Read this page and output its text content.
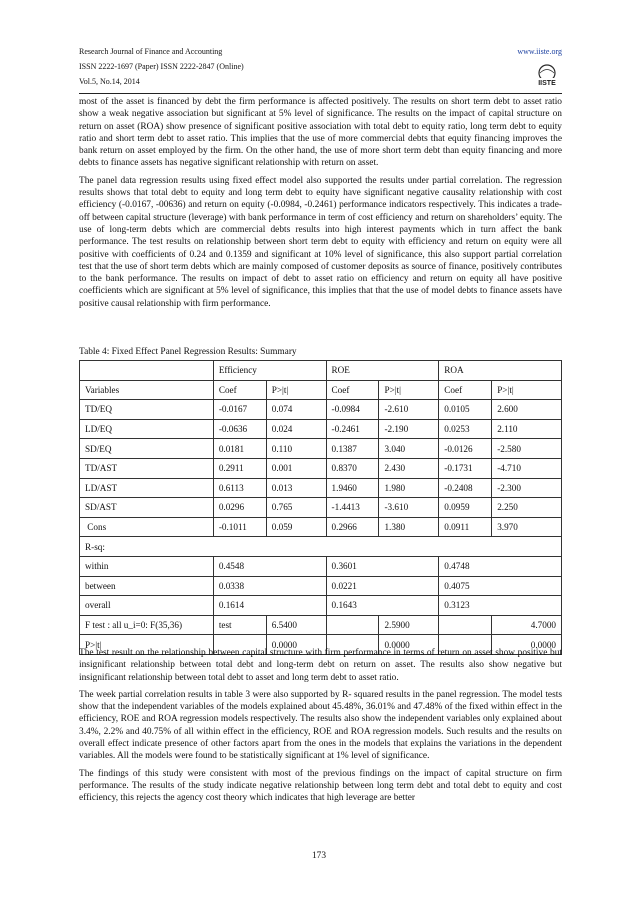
Research Journal of Finance and Accounting
ISSN 2222-1697 (Paper) ISSN 2222-2847 (Online)
Vol.5, No.14, 2014
www.iiste.org
IISTE

most of the asset is financed by debt the firm performance is affected positively. The results on short term debt to asset ratio show a weak negative association but significant at 5% level of significance. The results on the impact of capital structure on return on asset (ROA) show presence of significant positive association with total debt to equity ratio, long term debt to equity ratio and short term debt to asset ratio. This implies that the use of more commercial debts that equity financing improves the bank return on asset employed by the firm. On the other hand, the use of more short term debt than equity financing and more debts to finance assets has negative significant relationship with return on asset.

The panel data regression results using fixed effect model also supported the results under partial correlation. The regression results shows that total debt to equity and long term debt to equity have significant negative causality relationship with cost efficiency (-0.0167, -00636) and return on equity (-0.0984, -0.2461) performance indicators respectively. This indicates a trade-off between capital structure (leverage) with bank performance in term of cost efficiency and return on shareholders’ equity. The use of long-term debts which are commercial debts results into high interest payments which in turn affect the bank performance. The test results on relationship between short term debt to equity with efficiency and return on equity were all positive with coefficients of 0.24 and 0.1359 and significant at 10% level of significance, this also support partial correlation test that the use of short term debts which are mainly composed of customer deposits as source of finance, positively contributes to the bank performance. The results on impact of debt to asset ratio on efficiency and return on equity all have positive coefficients which are significant at 5% level of significance, this implies that that the use of model debts to finance assets have positive causal relationship with firm performance.

Table 4: Fixed Effect Panel Regression Results: Summary
	Efficiency		ROE		ROA	
Variables	Coef	P>|t|	Coef	P>|t|	Coef	P>|t|
TD/EQ	-0.0167	0.074	-0.0984	-2.610	0.0105	2.600
LD/EQ	-0.0636	0.024	-0.2461	-2.190	0.0253	2.110
SD/EQ	0.0181	0.110	0.1387	3.040	-0.0126	-2.580
TD/AST	0.2911	0.001	0.8370	2.430	-0.1731	-4.710
LD/AST	0.6113	0.013	1.9460	1.980	-0.2408	-2.300
SD/AST	0.0296	0.765	-1.4413	-3.610	0.0959	2.250
Cons	-0.1011	0.059	0.2966	1.380	0.0911	3.970
R-sq:						
within	0.4548		0.3601		0.4748	
between	0.0338		0.0221		0.4075	
overall	0.1614		0.1643		0.3123	
F test : all u_i=0: F(35,36)	test	6.5400		2.5900		4.7000
P>|t|		0.0000		0.0000		0.0000

The test result on the relationship between capital structure with firm performance in terms of return on asset show positive but insignificant relationship between total debt and long-term debt on return on asset. The results also show negative but insignificant relationship between total debt to asset and long term debt to asset ratio.

The week partial correlation results in table 3 were also supported by R- squared results in the panel regression. The model tests show that the independent variables of the models explained about 45.48%, 36.01% and 47.48% of the fixed within effect in the efficiency, ROE and ROA regression models respectively. The results also show the independent variables only explained about 3.4%, 2.2% and 40.75% of all within effect in the efficiency, ROE and ROA regression models. Such results and the results on overall effect indicate presence of other factors apart from the ones in the models that explains the variations in the dependent variables. All the models were found to be statistically significant at 1% level of significance.

The findings of this study were consistent with most of the previous findings on the impact of capital structure on firm performance. The results of the study indicate negative relationship between long term debt and total debt to equity and cost efficiency, this rejects the agency cost theory which indicates that high leverage are better

173
